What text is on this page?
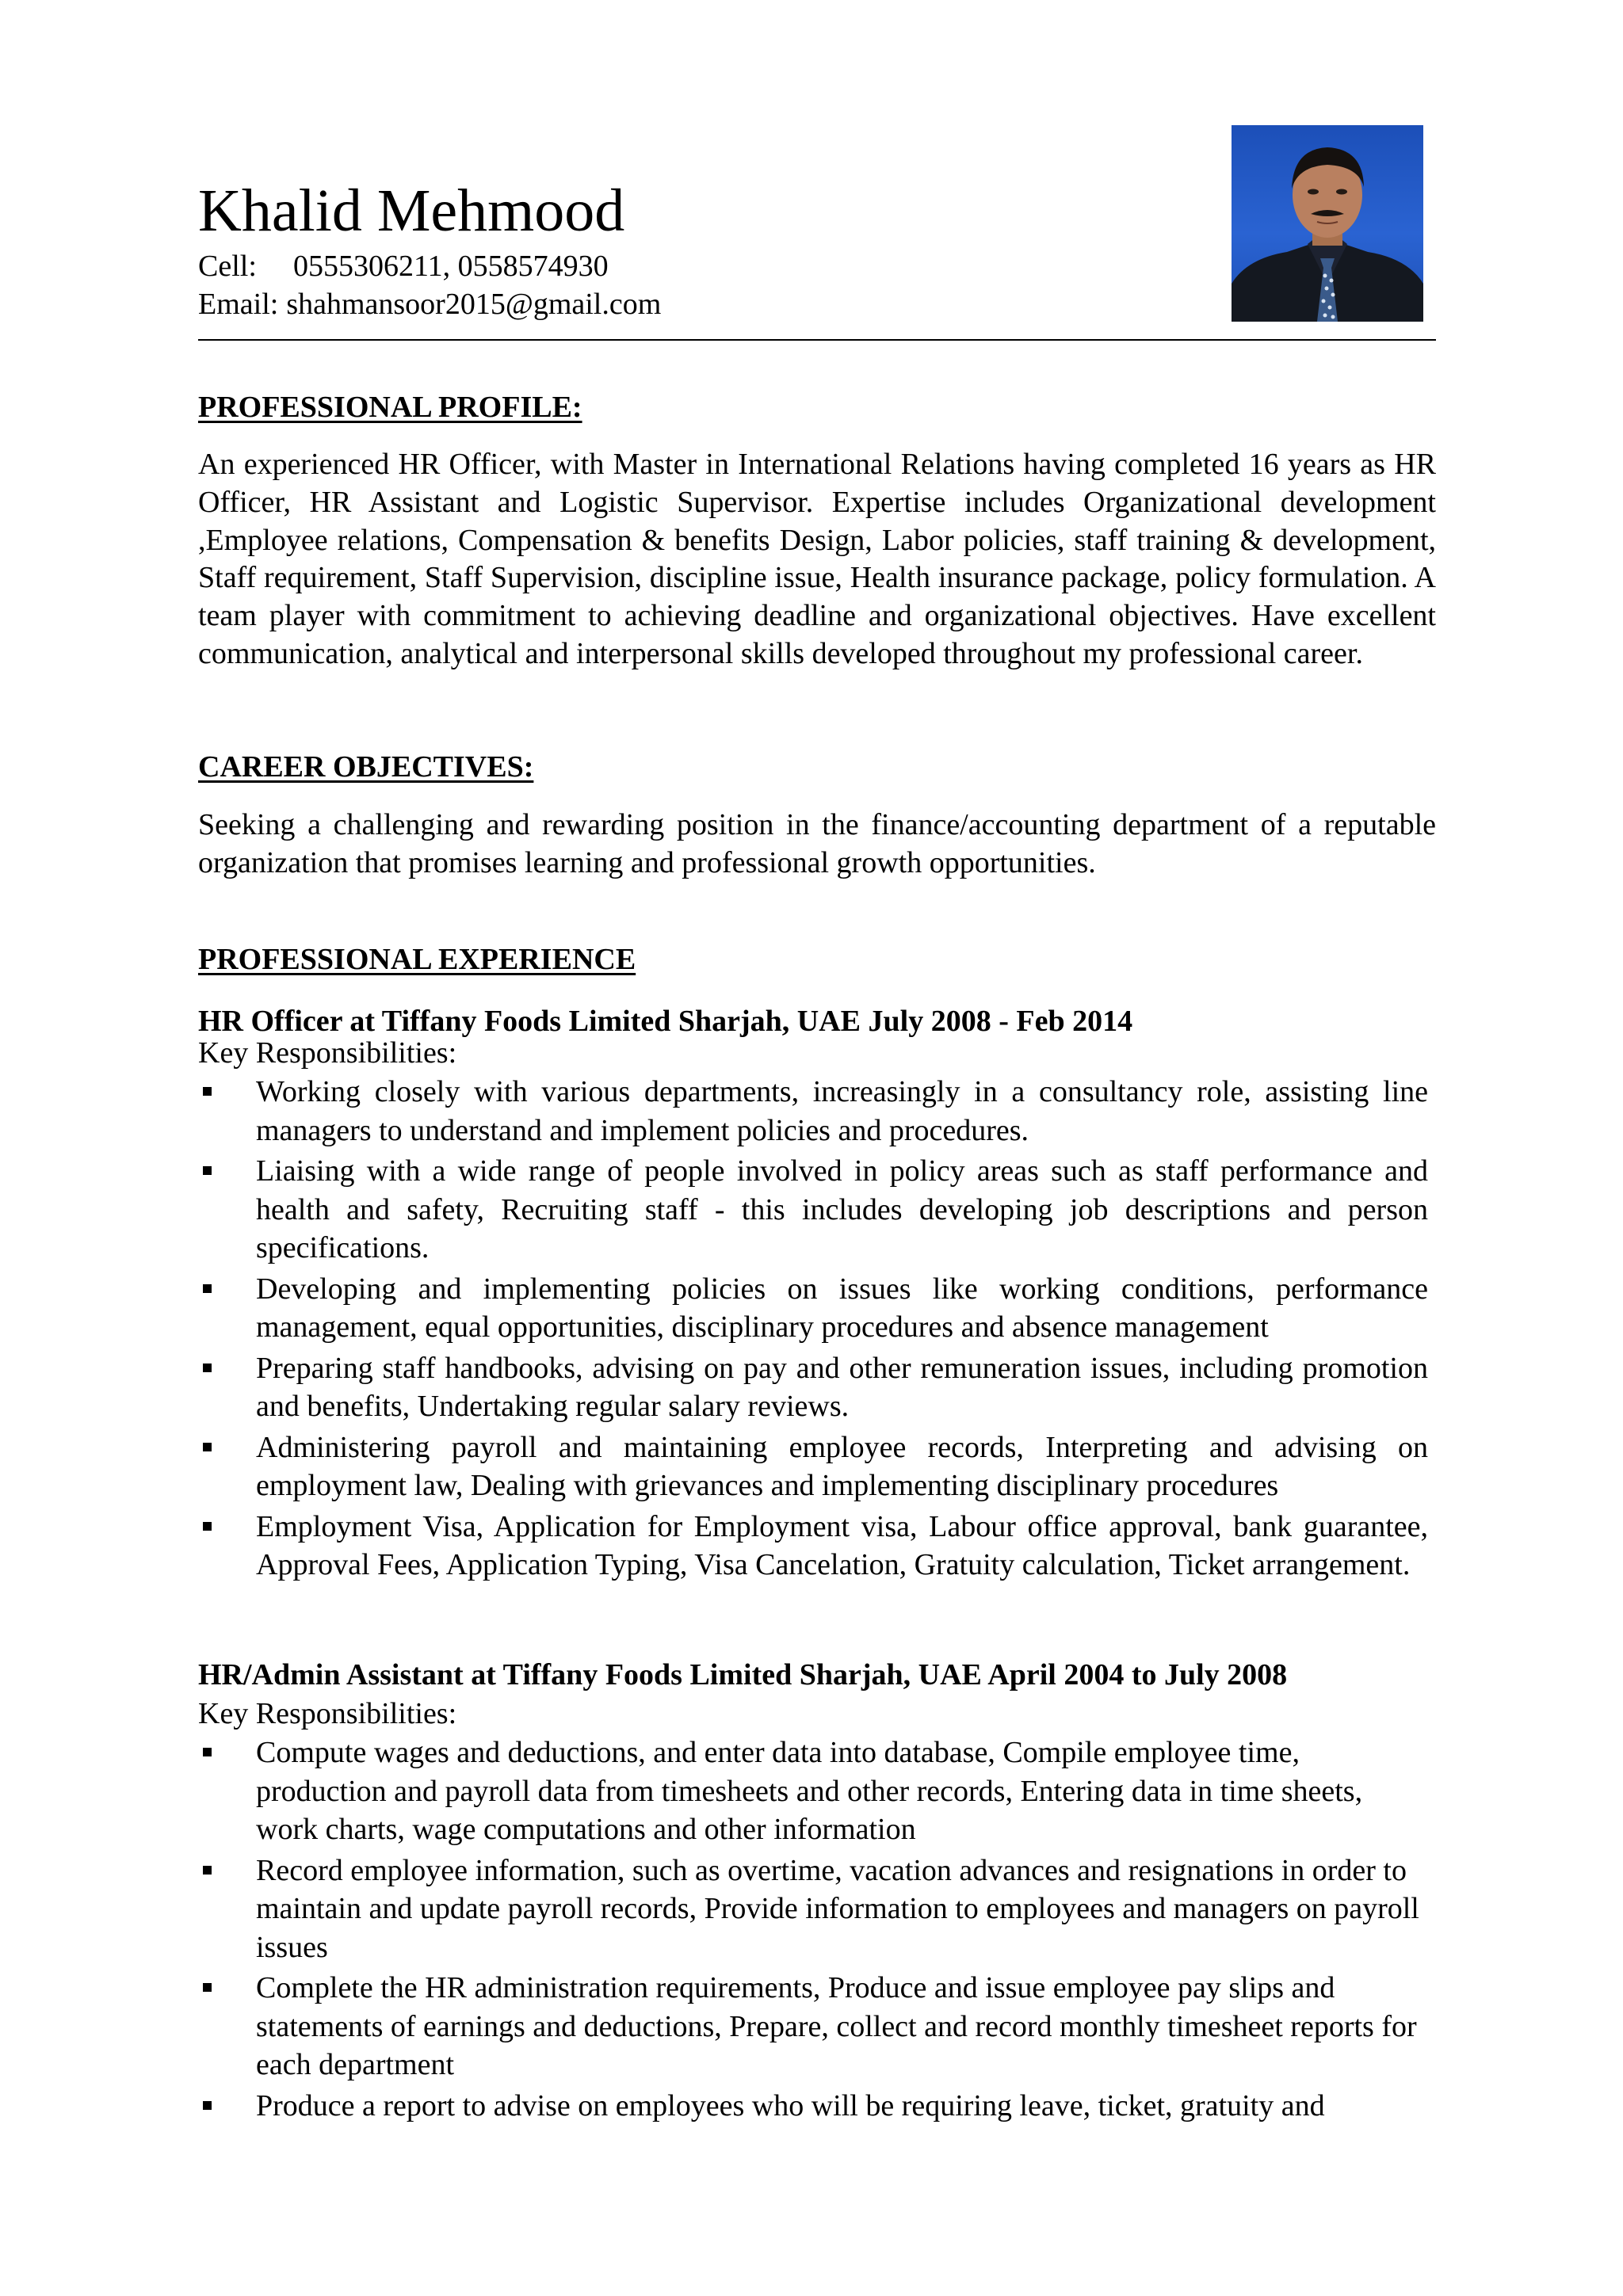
Khalid Mehmood
Cell: 0555306211, 0558574930
Email: shahmansoor2015@gmail.com
PROFESSIONAL PROFILE:
An experienced HR Officer, with Master in International Relations having completed 16 years as HR Officer, HR Assistant and Logistic Supervisor. Expertise includes Organizational development ,Employee relations, Compensation & benefits Design, Labor policies, staff training & development, Staff requirement, Staff Supervision, discipline issue, Health insurance package, policy formulation. A team player with commitment to achieving deadline and organizational objectives. Have excellent communication, analytical and interpersonal skills developed throughout my professional career.
CAREER OBJECTIVES:
Seeking a challenging and rewarding position in the finance/accounting department of a reputable organization that promises learning and professional growth opportunities.
PROFESSIONAL EXPERIENCE
HR Officer at Tiffany Foods Limited Sharjah, UAE July 2008 - Feb 2014
Key Responsibilities:
Working closely with various departments, increasingly in a consultancy role, assisting line managers to understand and implement policies and procedures.
Liaising with a wide range of people involved in policy areas such as staff performance and health and safety, Recruiting staff - this includes developing job descriptions and person specifications.
Developing and implementing policies on issues like working conditions, performance management, equal opportunities, disciplinary procedures and absence management
Preparing staff handbooks, advising on pay and other remuneration issues, including promotion and benefits, Undertaking regular salary reviews.
Administering payroll and maintaining employee records, Interpreting and advising on employment law, Dealing with grievances and implementing disciplinary procedures
Employment Visa, Application for Employment visa, Labour office approval, bank guarantee, Approval Fees, Application Typing, Visa Cancelation, Gratuity calculation, Ticket arrangement.
HR/Admin Assistant at Tiffany Foods Limited Sharjah, UAE April 2004 to July 2008
Key Responsibilities:
Compute wages and deductions, and enter data into database, Compile employee time, production and payroll data from timesheets and other records, Entering data in time sheets, work charts, wage computations and other information
Record employee information, such as overtime, vacation advances and resignations in order to maintain and update payroll records, Provide information to employees and managers on payroll issues
Complete the HR administration requirements, Produce and issue employee pay slips and statements of earnings and deductions, Prepare, collect and record monthly timesheet reports for each department
Produce a report to advise on employees who will be requiring leave, ticket, gratuity and
